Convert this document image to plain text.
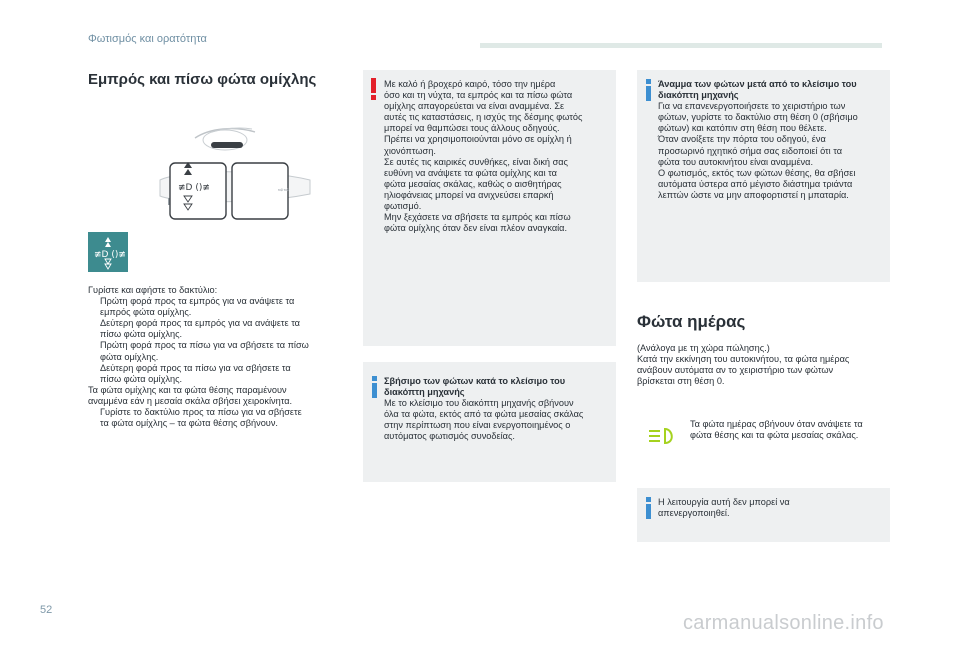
Φωτισμός και ορατότητα
Εμπρός και πίσω φώτα ομίχλης
⇨⇨
≢D ()≢
≢D ()≢
Γυρίστε και αφήστε το δακτύλιο:
Πρώτη φορά προς τα εμπρός για να ανάψετε τα
εμπρός φώτα ομίχλης.
Δεύτερη φορά προς τα εμπρός για να ανάψετε τα
πίσω φώτα ομίχλης.
Πρώτη φορά προς τα πίσω για να σβήσετε τα πίσω
φώτα ομίχλης.
Δεύτερη φορά προς τα πίσω για να σβήσετε τα
πίσω φώτα ομίχλης.
Τα φώτα ομίχλης και τα φώτα θέσης παραμένουν
αναμμένα εάν η μεσαία σκάλα σβήσει χειροκίνητα.
Γυρίστε το δακτύλιο προς τα πίσω για να σβήσετε
τα φώτα ομίχλης – τα φώτα θέσης σβήνουν.
Με καλό ή βροχερό καιρό, τόσο την ημέρα
όσο και τη νύχτα, τα εμπρός και τα πίσω φώτα
ομίχλης απαγορεύεται να είναι αναμμένα. Σε
αυτές τις καταστάσεις, η ισχύς της δέσμης φωτός
μπορεί να θαμπώσει τους άλλους οδηγούς.
Πρέπει να χρησιμοποιούνται μόνο σε ομίχλη ή
χιονόπτωση.
Σε αυτές τις καιρικές συνθήκες, είναι δική σας
ευθύνη να ανάψετε τα φώτα ομίχλης και τα
φώτα μεσαίας σκάλας, καθώς ο αισθητήρας
ηλιοφάνειας μπορεί να ανιχνεύσει επαρκή
φωτισμό.
Μην ξεχάσετε να σβήσετε τα εμπρός και πίσω
φώτα ομίχλης όταν δεν είναι πλέον αναγκαία.
Σβήσιμο των φώτων κατά το κλείσιμο του
διακόπτη μηχανής
Με το κλείσιμο του διακόπτη μηχανής σβήνουν
όλα τα φώτα, εκτός από τα φώτα μεσαίας σκάλας
στην περίπτωση που είναι ενεργοποιημένος ο
αυτόματος φωτισμός συνοδείας.
Άναμμα των φώτων μετά από το κλείσιμο του
διακόπτη μηχανής
Για να επανενεργοποιήσετε το χειριστήριο των
φώτων, γυρίστε το δακτύλιο στη θέση 0 (σβήσιμο
φώτων) και κατόπιν στη θέση που θέλετε.
Όταν ανοίξετε την πόρτα του οδηγού, ένα
προσωρινό ηχητικό σήμα σας ειδοποιεί ότι τα
φώτα του αυτοκινήτου είναι αναμμένα.
Ο φωτισμός, εκτός των φώτων θέσης, θα σβήσει
αυτόματα ύστερα από μέγιστο διάστημα τριάντα
λεπτών ώστε να μην αποφορτιστεί η μπαταρία.
Φώτα ημέρας
(Ανάλογα με τη χώρα πώλησης.)
Κατά την εκκίνηση του αυτοκινήτου, τα φώτα ημέρας
ανάβουν αυτόματα αν το χειριστήριο των φώτων
βρίσκεται στη θέση 0.
Τα φώτα ημέρας σβήνουν όταν ανάψετε τα
φώτα θέσης και τα φώτα μεσαίας σκάλας.
Η λειτουργία αυτή δεν μπορεί να
απενεργοποιηθεί.
52
carmanualsonline.info
